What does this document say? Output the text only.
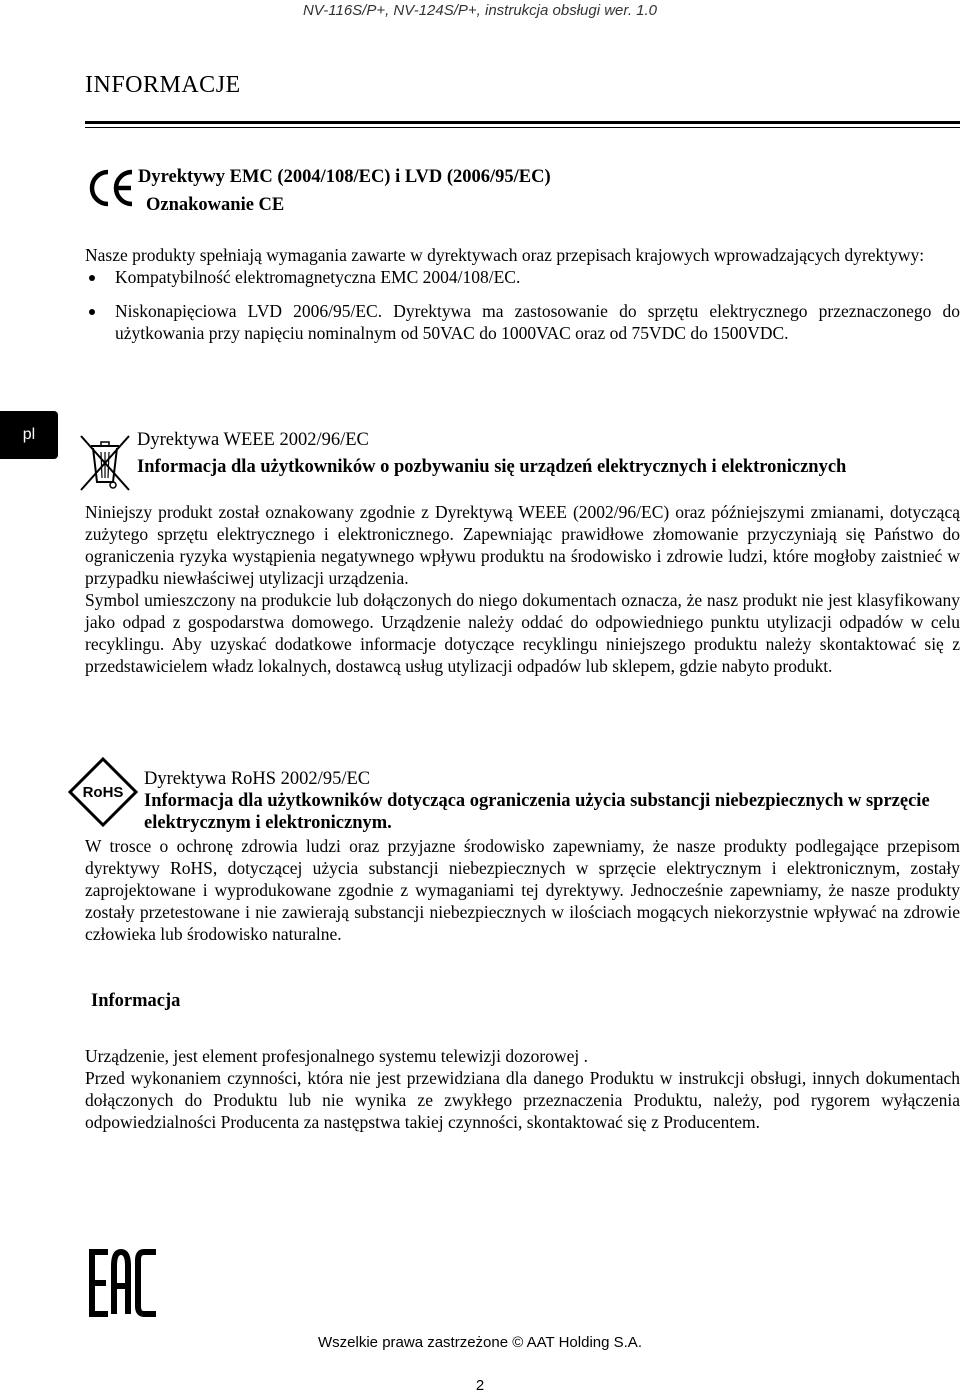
NV-116S/P+, NV-124S/P+, instrukcja obsługi wer. 1.0
INFORMACJE
Dyrektywy EMC (2004/108/EC) i LVD (2006/95/EC)
Oznakowanie CE

Nasze produkty spełniają wymagania zawarte w dyrektywach oraz przepisach krajowych wprowadzających dyrektywy:

Kompatybilność elektromagnetyczna EMC 2004/108/EC.
Niskonapięciowa LVD 2006/95/EC. Dyrektywa ma zastosowanie do sprzętu elektrycznego przeznaczonego do użytkowania przy napięciu nominalnym od 50VAC do 1000VAC oraz od 75VDC do 1500VDC.
pl	Dyrektywa WEEE 2002/96/EC
Informacja dla użytkowników o pozbywaniu się urządzeń elektrycznych i elektronicznych

Niniejszy produkt został oznakowany zgodnie z Dyrektywą WEEE (2002/96/EC) oraz późniejszymi zmianami, dotyczącą zużytego sprzętu elektrycznego i elektronicznego. Zapewniając prawidłowe złomowanie przyczyniają się Państwo do ograniczenia ryzyka wystąpienia negatywnego wpływu produktu na środowisko i zdrowie ludzi, które mogłoby zaistnieć w przypadku niewłaściwej utylizacji urządzenia.

Symbol umieszczony na produkcie lub dołączonych do niego dokumentach oznacza, że nasz produkt nie jest klasyfikowany jako odpad z gospodarstwa domowego. Urządzenie należy oddać do odpowiedniego punktu utylizacji odpadów w celu recyklingu. Aby uzyskać dodatkowe informacje dotyczące recyklingu niniejszego produktu należy skontaktować się z przedstawicielem władz lokalnych, dostawcą usług utylizacji odpadów lub sklepem, gdzie nabyto produkt.

RoHS
Dyrektywa RoHS 2002/95/EC
Informacja dla użytkowników dotycząca ograniczenia użycia substancji niebezpiecznych w sprzęcie elektrycznym i elektronicznym.

W trosce o ochronę zdrowia ludzi oraz przyjazne środowisko zapewniamy, że nasze produkty podlegające przepisom dyrektywy RoHS, dotyczącej użycia substancji niebezpiecznych w sprzęcie elektrycznym i elektronicznym, zostały zaprojektowane i wyprodukowane zgodnie z wymaganiami tej dyrektywy. Jednocześnie zapewniamy, że nasze produkty zostały przetestowane i nie zawierają substancji niebezpiecznych w ilościach mogących niekorzystnie wpływać na zdrowie człowieka lub środowisko naturalne.

Informacja

Urządzenie, jest element profesjonalnego systemu telewizji dozorowej .

Przed wykonaniem czynności, która nie jest przewidziana dla danego Produktu w instrukcji obsługi, innych dokumentach dołączonych do Produktu lub nie wynika ze zwykłego przeznaczenia Produktu, należy, pod rygorem wyłączenia odpowiedzialności Producenta za następstwa takiej czynności, skontaktować się z Producentem.

Wszelkie prawa zastrzeżone © AAT Holding S.A.
2
